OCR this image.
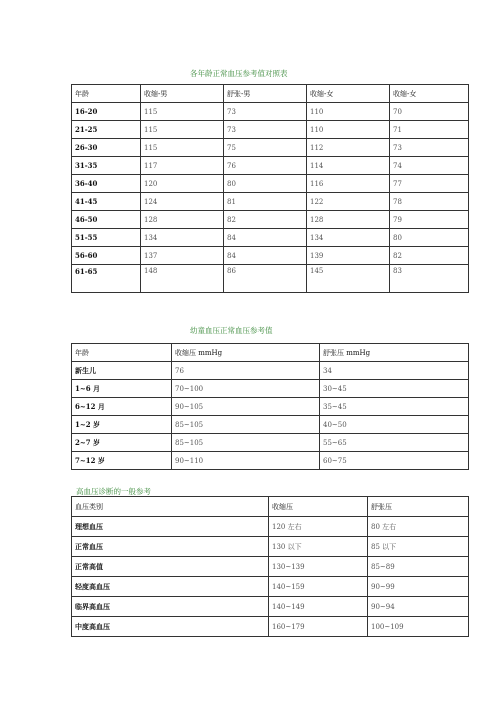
各年龄正常血压参考值对照表
年龄	收缩-男	舒张-男	收缩-女	收缩-女
16-20	115	73	110	70
21-25	115	73	110	71
26-30	115	75	112	73
31-35	117	76	114	74
36-40	120	80	116	77
41-45	124	81	122	78
46-50	128	82	128	79
51-55	134	84	134	80
56-60	137	84	139	82
61-65	148	86	145	83
幼童血压正常血压参考值
年龄	收缩压 mmHg	舒张压 mmHg
新生儿	76	34
1~6 月	70~100	30~45
6~12 月	90~105	35~45
1~2 岁	85~105	40~50
2~7 岁	85~105	55~65
7~12 岁	90~110	60~75
高血压诊断的一般参考
血压类别	收缩压	舒张压
理想血压	120 左右	80 左右
正常血压	130 以下	85 以下
正常高值	130~139	85~89
轻度高血压	140~159	90~99
临界高血压	140~149	90~94
中度高血压	160~179	100~109
